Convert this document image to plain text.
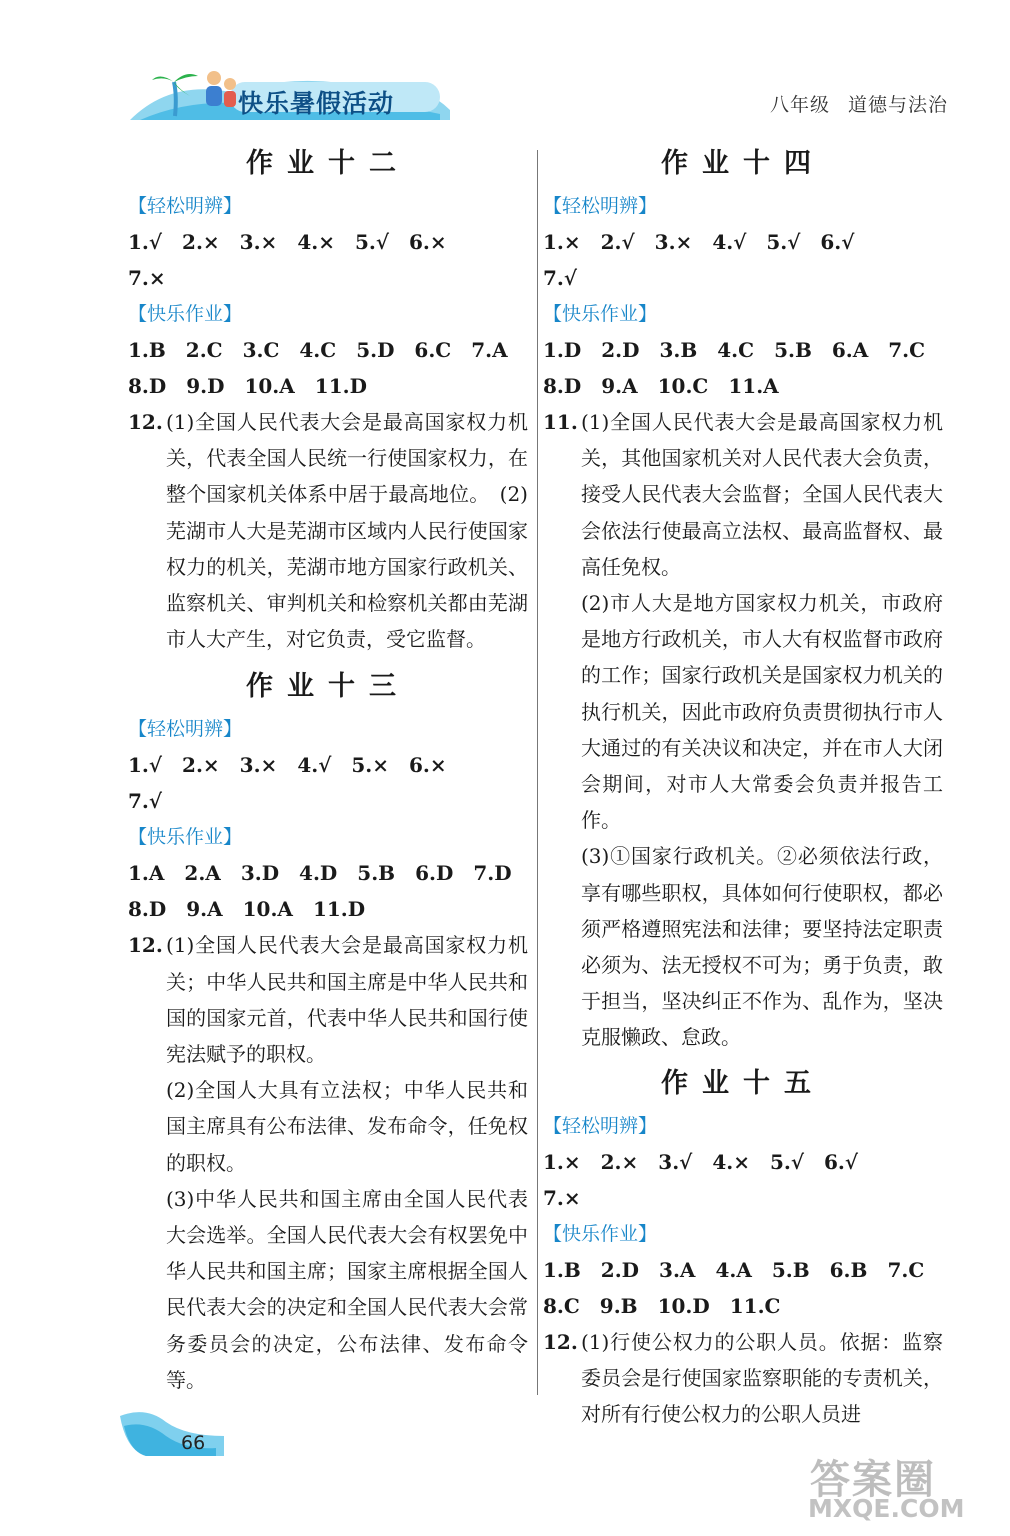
快乐暑假活动	八年级 道德与法治
作业十二
【轻松明辨】
1.√ 2.× 3.× 4.× 5.√ 6.×
7.×
【快乐作业】
1.B 2.C 3.C 4.C 5.D 6.C 7.A
8.D 9.D 10.A 11.D
12. (1)全国人民代表大会是最高国家权力机关，代表全国人民统一行使国家权力，在整个国家机关体系中居于最高地位。　(2)芜湖市人大是芜湖市区域内人民行使国家权力的机关，芜湖市地方国家行政机关、监察机关、审判机关和检察机关都由芜湖市人大产生，对它负责，受它监督。
作业十三
【轻松明辨】
1.√ 2.× 3.× 4.√ 5.× 6.×
7.√
【快乐作业】
1.A 2.A 3.D 4.D 5.B 6.D 7.D
8.D 9.A 10.A 11.D
12. (1)全国人民代表大会是最高国家权力机关；中华人民共和国主席是中华人民共和国的国家元首，代表中华人民共和国行使宪法赋予的职权。
(2)全国人大具有立法权；中华人民共和国主席具有公布法律、发布命令，任免权的职权。
(3)中华人民共和国主席由全国人民代表大会选举。全国人民代表大会有权罢免中华人民共和国主席；国家主席根据全国人民代表大会的决定和全国人民代表大会常务委员会的决定，公布法律、发布命令等。
作业十四
【轻松明辨】
1.× 2.√ 3.× 4.√ 5.√ 6.√
7.√
【快乐作业】
1.D 2.D 3.B 4.C 5.B 6.A 7.C
8.D 9.A 10.C 11.A
11. (1)全国人民代表大会是最高国家权力机关，其他国家机关对人民代表大会负责，接受人民代表大会监督；全国人民代表大会依法行使最高立法权、最高监督权、最高任免权。
(2)市人大是地方国家权力机关，市政府是地方行政机关，市人大有权监督市政府的工作；国家行政机关是国家权力机关的执行机关，因此市政府负责贯彻执行市人大通过的有关决议和决定，并在市人大闭会期间，对市人大常委会负责并报告工作。
(3)①国家行政机关。②必须依法行政，享有哪些职权，具体如何行使职权，都必须严格遵照宪法和法律；要坚持法定职责必须为、法无授权不可为；勇于负责，敢于担当，坚决纠正不作为、乱作为，坚决克服懒政、怠政。
作业十五
【轻松明辨】
1.× 2.× 3.√ 4.× 5.√ 6.√
7.×
【快乐作业】
1.B 2.D 3.A 4.A 5.B 6.B 7.C
8.C 9.B 10.D 11.C
12. (1)行使公权力的公职人员。依据：监察委员会是行使国家监察职能的专责机关，对所有行使公权力的公职人员进
66
答案圈
MXQE.COM
